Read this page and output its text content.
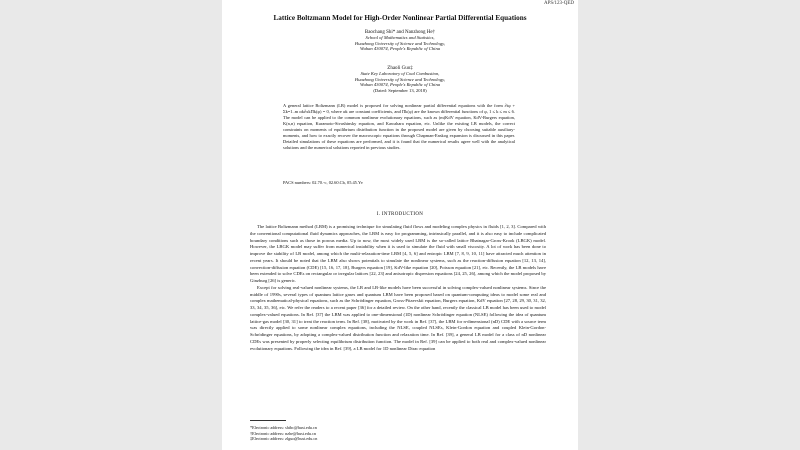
APS/123-QED
Lattice Boltzmann Model for High-Order Nonlinear Partial Differential Equations
Baochang Shi* and Nanzhong He†
School of Mathematics and Statistics,
Huazhong University of Science and Technology,
Wuhan 430074, People's Republic of China
Zhaoli Guo‡
State Key Laboratory of Coal Combustion,
Huazhong University of Science and Technology,
Wuhan 430074, People's Republic of China
(Dated: September 13, 2018)
A general lattice Boltzmann (LB) model is proposed for solving nonlinear partial differential equations with the form ∂tφ + Σk=1..m αk∂xkΠk(φ) = 0, where αk are constant coefficients, and Πk(φ) are the known differential functions of φ, 1 ≤ k ≤ m ≤ 6. The model can be applied to the common nonlinear evolutionary equations, such as (m)KdV equation, KdV-Burgers equation, K(n,n) equation, Kuramoto-Sivashinsky equation, and Kawahara equation, etc. Unlike the existing LB models, the correct constraints on moments of equilibrium distribution function in the proposed model are given by choosing suitable auxiliary-moments, and how to exactly recover the macroscopic equations through Chapman-Enskog expansion is discussed in this paper. Detailed simulations of these equations are performed, and it is found that the numerical results agree well with the analytical solutions and the numerical solutions reported in previous studies.
PACS numbers: 02.70.-c, 02.60.Cb, 05.45.Yv
I. INTRODUCTION

The lattice Boltzmann method (LBM) is a promising technique for simulating fluid flows and modeling complex physics in fluids [1, 2, 3]. Compared with the conventional computational fluid dynamics approaches, the LBM is easy for programming, intrinsically parallel, and it is also easy to include complicated boundary conditions such as those in porous media. Up to now, the most widely used LBM is the so-called lattice Bhatnagar-Gross-Krook (LBGK) model. However, the LBGK model may suffer from numerical instability when it is used to simulate the fluid with small viscosity. A lot of work has been done to improve the stability of LB model, among which the multi-relaxation-time LBM [4, 5, 6] and entropic LBM [7, 8, 9, 10, 11] have attracted much attention in recent years. It should be noted that the LBM also shows potentials to simulate the nonlinear systems, such as the reaction-diffusion equation [12, 13, 14], convection-diffusion equation (CDE) [15, 16, 17, 18], Burgers equation [19], KdV-like equation [20], Poisson equation [21], etc. Recently, the LB models have been extended to solve CDEs on rectangular or irregular lattices [22, 23] and anisotropic dispersion equations [24, 25, 26], among which the model proposed by Ginzburg [26] is generic.

Except for solving real-valued nonlinear systems, the LB and LB-like models have been successful in solving complex-valued nonlinear systems. Since the middle of 1990s, several types of quantum lattice gases and quantum LBM have been proposed based on quantum-computing ideas to model some real and complex mathematical-physical equations, such as the Schrödinger equation, Gross-Pitaevskii equation, Burgers equation, KdV equation [27, 28, 29, 30, 31, 32, 33, 34, 35, 36], etc. We refer the readers to a recent paper [36] for a detailed review. On the other hand, recently the classical LB model has been used to model complex-valued equations. In Ref. [37] the LBM was applied to one-dimensional (1D) nonlinear Schrödinger equation (NLSE) following the idea of quantum lattice-gas model [30, 31] to treat the reaction term. In Ref. [38], motivated by the work in Ref. [37], the LBM for n-dimensional (nD) CDE with a source term was directly applied to some nonlinear complex equations, including the NLSE, coupled NLSEs, Klein-Gordon equation and coupled Klein-Gordon-Schrödinger equations, by adopting a complex-valued distribution function and relaxation time. In Ref. [39], a general LB model for a class of nD nonlinear CDEs was presented by properly selecting equilibrium distribution function. The model in Ref. [39] can be applied to both real and complex-valued nonlinear evolutionary equations. Following the idea in Ref. [39], a LB model for 1D nonlinear Dirac equation

*Electronic address: shibc@hust.edu.cn
†Electronic address: nzhe@hust.edu.cn
‡Electronic address: zlguo@hust.edu.cn
